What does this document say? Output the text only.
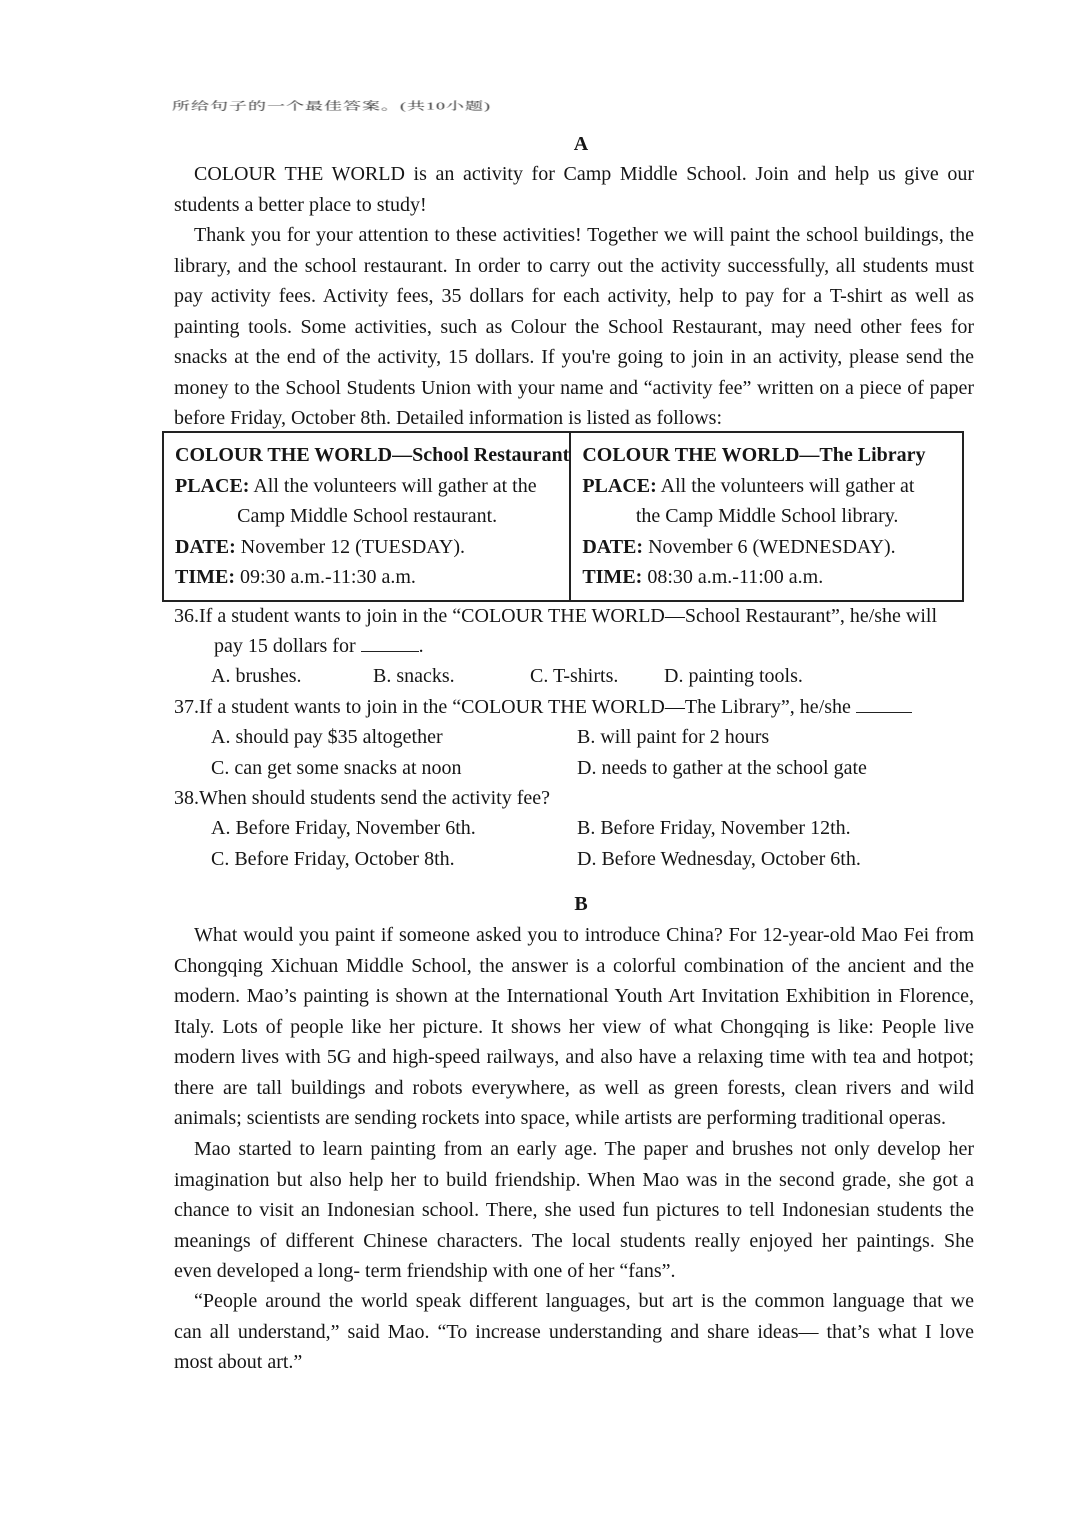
所给句子的一个最佳答案。(共10小题)
A
COLOUR THE WORLD is an activity for Camp Middle School. Join and help us give our
students a better place to study!
Thank you for your attention to these activities! Together we will paint the school buildings, the
library, and the school restaurant. In order to carry out the activity successfully, all students must
pay activity fees. Activity fees, 35 dollars for each activity, help to pay for a T-shirt as well as
painting tools. Some activities, such as Colour the School Restaurant, may need other fees for
snacks at the end of the activity, 15 dollars. If you're going to join in an activity, please send the
money to the School Students Union with your name and “activity fee” written on a piece of paper
before Friday, October 8th. Detailed information is listed as follows:
COLOUR THE WORLD—School Restaurant
PLACE: All the volunteers will gather at the
Camp Middle School restaurant.
DATE: November 12 (TUESDAY).
TIME: 09:30 a.m.-11:30 a.m.

COLOUR THE WORLD—The Library
PLACE: All the volunteers will gather at
the Camp Middle School library.
DATE: November 6 (WEDNESDAY).
TIME: 08:30 a.m.-11:00 a.m.
36.If a student wants to join in the “COLOUR THE WORLD—School Restaurant”, he/she will
pay 15 dollars for	.
A. brushes.	B. snacks.	C. T-shirts. D. painting tools.
37.If a student wants to join in the “COLOUR THE WORLD—The Library”, he/she
A. should pay $35 altogether	B. will paint for 2 hours
C. can get some snacks at noon	D. needs to gather at the school gate
38.When should students send the activity fee?
A. Before Friday, November 6th.	B. Before Friday, November 12th.
C. Before Friday, October 8th.	D. Before Wednesday, October 6th.
B
What would you paint if someone asked you to introduce China? For 12-year-old Mao Fei from
Chongqing Xichuan Middle School, the answer is a colorful combination of the ancient and the
modern. Mao’s painting is shown at the International Youth Art Invitation Exhibition in Florence,
Italy. Lots of people like her picture. It shows her view of what Chongqing is like: People live
modern lives with 5G and high-speed railways, and also have a relaxing time with tea and hotpot;
there are tall buildings and robots everywhere, as well as green forests, clean rivers and wild
animals; scientists are sending rockets into space, while artists are performing traditional operas.
Mao started to learn painting from an early age. The paper and brushes not only develop her
imagination but also help her to build friendship. When Mao was in the second grade, she got a
chance to visit an Indonesian school. There, she used fun pictures to tell Indonesian students the
meanings of different Chinese characters. The local students really enjoyed her paintings. She
even developed a long- term friendship with one of her “fans”.
“People around the world speak different languages, but art is the common language that we
can all understand,” said Mao. “To increase understanding and share ideas— that’s what I love
most about art.”
